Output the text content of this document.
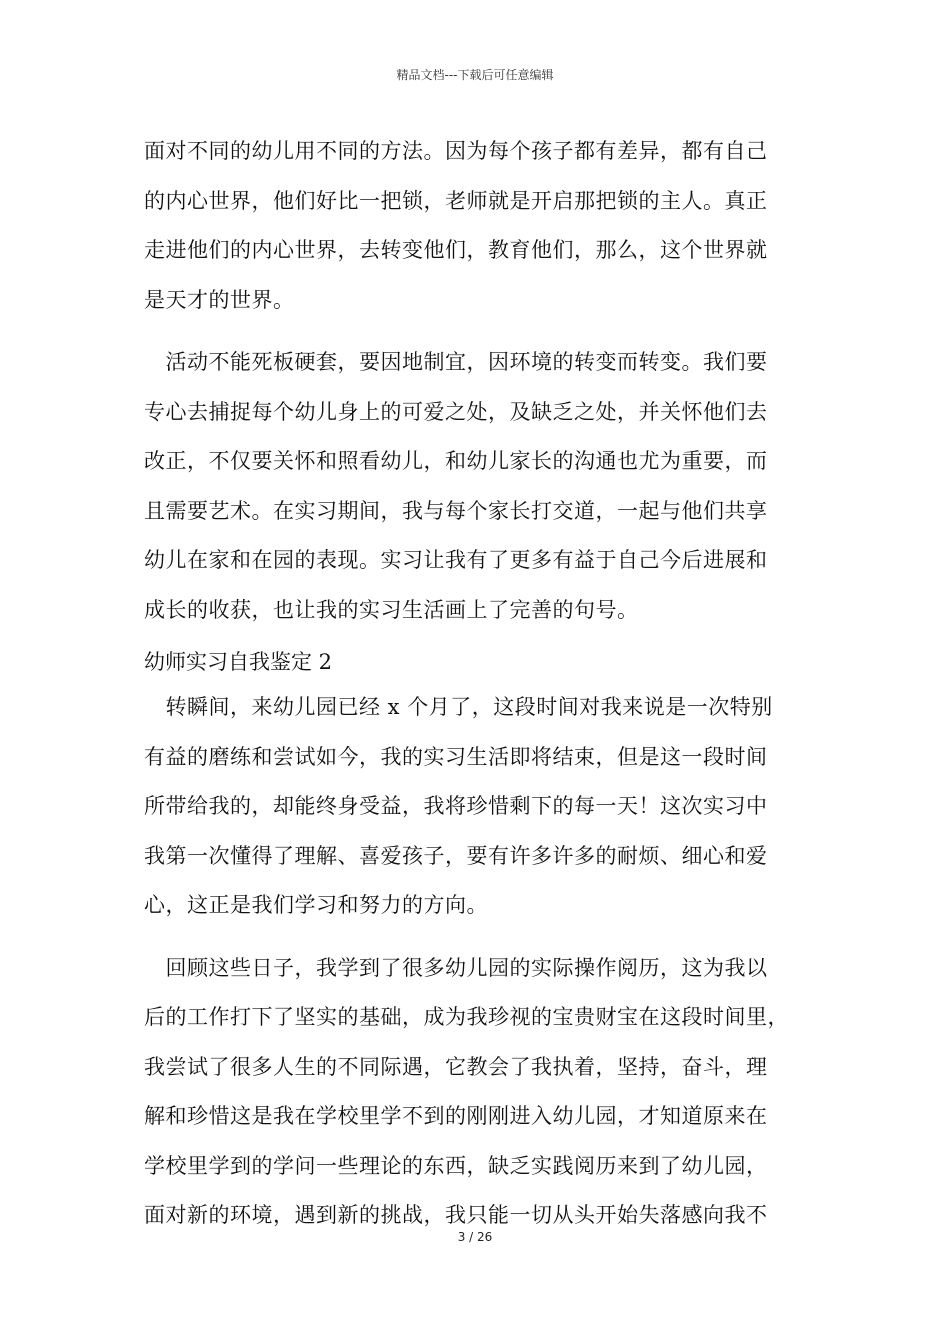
精品文档---下载后可任意编辑
面对不同的幼儿用不同的方法。因为每个孩子都有差异，都有自己
的内心世界，他们好比一把锁，老师就是开启那把锁的主人。真正
走进他们的内心世界，去转变他们，教育他们，那么，这个世界就
是天才的世界。
　活动不能死板硬套，要因地制宜，因环境的转变而转变。我们要
专心去捕捉每个幼儿身上的可爱之处，及缺乏之处，并关怀他们去
改正，不仅要关怀和照看幼儿，和幼儿家长的沟通也尤为重要，而
且需要艺术。在实习期间，我与每个家长打交道，一起与他们共享
幼儿在家和在园的表现。实习让我有了更多有益于自己今后进展和
成长的收获，也让我的实习生活画上了完善的句号。
幼师实习自我鉴定 2
　转瞬间，来幼儿园已经 x 个月了，这段时间对我来说是一次特别
有益的磨练和尝试如今，我的实习生活即将结束，但是这一段时间
所带给我的，却能终身受益，我将珍惜剩下的每一天！这次实习中
我第一次懂得了理解、喜爱孩子，要有许多许多的耐烦、细心和爱
心，这正是我们学习和努力的方向。
　回顾这些日子，我学到了很多幼儿园的实际操作阅历，这为我以
后的工作打下了坚实的基础，成为我珍视的宝贵财宝在这段时间里，
我尝试了很多人生的不同际遇，它教会了我执着，坚持，奋斗，理
解和珍惜这是我在学校里学不到的刚刚进入幼儿园，才知道原来在
学校里学到的学问一些理论的东西，缺乏实践阅历来到了幼儿园，
面对新的环境，遇到新的挑战，我只能一切从头开始失落感向我不
3 / 26
